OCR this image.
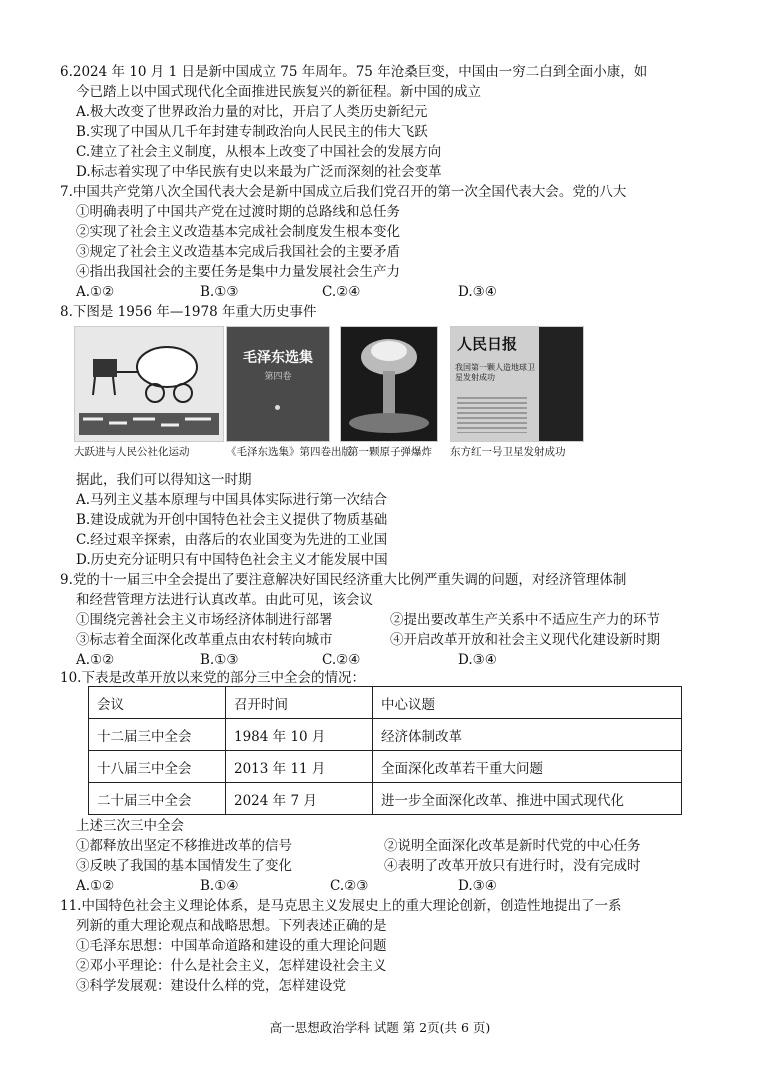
6.2024 年 10 月 1 日是新中国成立 75 年周年。75 年沧桑巨变，中国由一穷二白到全面小康，如
今已踏上以中国式现代化全面推进民族复兴的新征程。新中国的成立
A.极大改变了世界政治力量的对比，开启了人类历史新纪元
B.实现了中国从几千年封建专制政治向人民民主的伟大飞跃
C.建立了社会主义制度，从根本上改变了中国社会的发展方向
D.标志着实现了中华民族有史以来最为广泛而深刻的社会变革
7.中国共产党第八次全国代表大会是新中国成立后我们党召开的第一次全国代表大会。党的八大
①明确表明了中国共产党在过渡时期的总路线和总任务
②实现了社会主义改造基本完成社会制度发生根本变化
③规定了社会主义改造基本完成后我国社会的主要矛盾
④指出我国社会的主要任务是集中力量发展社会生产力
A.①②	B.①③	C.②④	D.③④
8.下图是 1956 年—1978 年重大历史事件
毛泽东选集
第四卷
人民日报
我国第一颗人造地球卫星发射成功
大跃进与人民公社化运动	《毛泽东选集》第四卷出版
第一颗原子弹爆炸 东方红一号卫星发射成功
据此，我们可以得知这一时期
A.马列主义基本原理与中国具体实际进行第一次结合
B.建设成就为开创中国特色社会主义提供了物质基础
C.经过艰辛探索，由落后的农业国变为先进的工业国
D.历史充分证明只有中国特色社会主义才能发展中国
9.党的十一届三中全会提出了要注意解决好国民经济重大比例严重失调的问题，对经济管理体制
和经营管理方法进行认真改革。由此可见，该会议
①围绕完善社会主义市场经济体制进行部署	②提出要改革生产关系中不适应生产力的环节
③标志着全面深化改革重点由农村转向城市	④开启改革开放和社会主义现代化建设新时期
A.①②	B.①③	C.②④	D.③④
10.下表是改革开放以来党的部分三中全会的情况：
会议	召开时间	中心议题
十二届三中全会	1984 年 10 月	经济体制改革
十八届三中全会	2013 年 11 月	全面深化改革若干重大问题
二十届三中全会	2024 年 7 月	进一步全面深化改革、推进中国式现代化
上述三次三中全会
①都释放出坚定不移推进改革的信号	②说明全面深化改革是新时代党的中心任务
③反映了我国的基本国情发生了变化	④表明了改革开放只有进行时，没有完成时
A.①②	B.①④	C.②③	D.③④
11.中国特色社会主义理论体系，是马克思主义发展史上的重大理论创新，创造性地提出了一系
列新的重大理论观点和战略思想。下列表述正确的是
①毛泽东思想：中国革命道路和建设的重大理论问题
②邓小平理论：什么是社会主义，怎样建设社会主义
③科学发展观：建设什么样的党，怎样建设党
高一思想政治学科 试题 第 2页(共 6 页)
